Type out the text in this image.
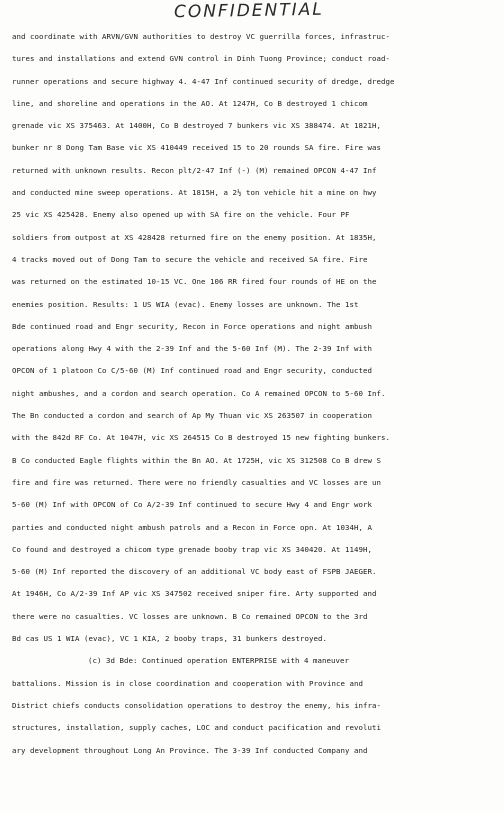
CONFIDENTIAL
and coordinate with ARVN/GVN authorities to destroy VC guerrilla forces, infrastruc-
tures and installations and extend GVN control in Dinh Tuong Province; conduct road-
runner operations and secure highway 4. 4-47 Inf continued security of dredge, dredge
line, and shoreline and operations in the AO. At 1247H, Co B destroyed 1 chicom
grenade vic XS 375463. At 1400H, Co B destroyed 7 bunkers vic XS 388474. At 1821H,
bunker nr 8 Dong Tam Base vic XS 410449 received 15 to 20 rounds SA fire. Fire was
returned with unknown results. Recon plt/2-47 Inf (-) (M) remained OPCON 4-47 Inf
and conducted mine sweep operations. At 1815H, a 2½ ton vehicle hit a mine on hwy
25 vic XS 425428. Enemy also opened up with SA fire on the vehicle. Four PF
soldiers from outpost at XS 428428 returned fire on the enemy position. At 1835H,
4 tracks moved out of Dong Tam to secure the vehicle and received SA fire. Fire
was returned on the estimated 10-15 VC. One 106 RR fired four rounds of HE on the
enemies position. Results: 1 US WIA (evac). Enemy losses are unknown. The 1st
Bde continued road and Engr security, Recon in Force operations and night ambush
operations along Hwy 4 with the 2-39 Inf and the 5-60 Inf (M). The 2-39 Inf with
OPCON of 1 platoon Co C/5-60 (M) Inf continued road and Engr security, conducted
night ambushes, and a cordon and search operation. Co A remained OPCON to 5-60 Inf.
The Bn conducted a cordon and search of Ap My Thuan vic XS 263507 in cooperation
with the 842d RF Co. At 1047H, vic XS 264515 Co B destroyed 15 new fighting bunkers.
B Co conducted Eagle flights within the Bn AO. At 1725H, vic XS 312508 Co B drew S
fire and fire was returned. There were no friendly casualties and VC losses are un
5-60 (M) Inf with OPCON of Co A/2-39 Inf continued to secure Hwy 4 and Engr work
parties and conducted night ambush patrols and a Recon in Force opn. At 1034H, A
Co found and destroyed a chicom type grenade booby trap vic XS 340420. At 1149H,
5-60 (M) Inf reported the discovery of an additional VC body east of FSPB JAEGER.
At 1946H, Co A/2-39 Inf AP vic XS 347502 received sniper fire. Arty supported and
there were no casualties. VC losses are unknown. B Co remained OPCON to the 3rd
Bd cas US 1 WIA (evac), VC 1 KIA, 2 booby traps, 31 bunkers destroyed.
(c) 3d Bde: Continued operation ENTERPRISE with 4 maneuver
battalions. Mission is in close coordination and cooperation with Province and
District chiefs conducts consolidation operations to destroy the enemy, his infra-
structures, installation, supply caches, LOC and conduct pacification and revoluti
ary development throughout Long An Province. The 3-39 Inf conducted Company and
